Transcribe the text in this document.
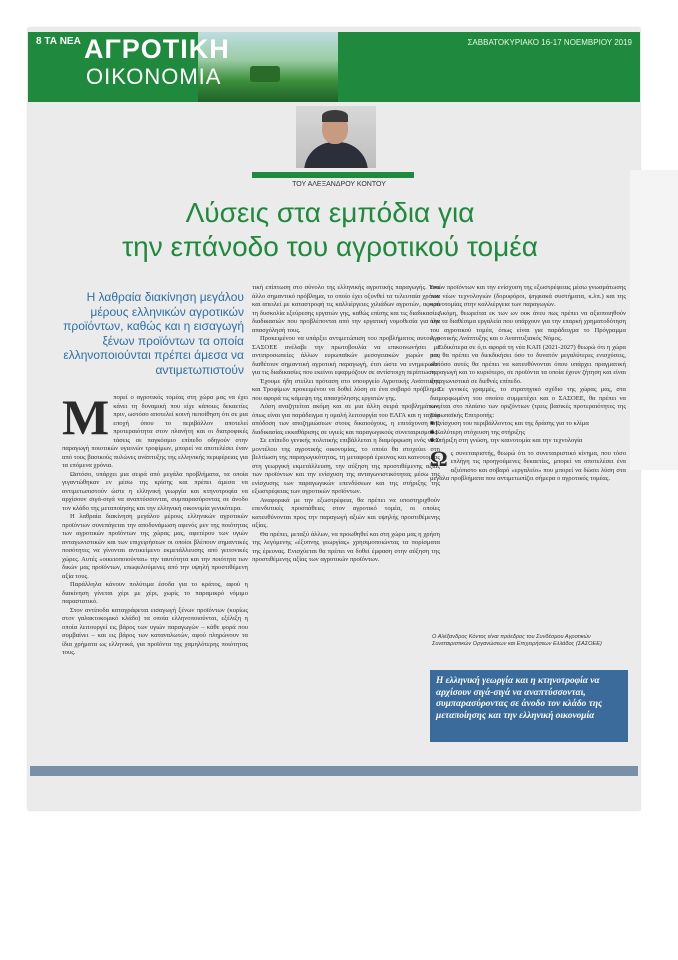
8 ΤΑ ΝΕΑ ΑΓΡΟΤΙΚΗ
ΟΙΚΟΝΟΜΙΑ
ΣΑΒΒΑΤΟΚΥΡΙΑΚΟ 16-17 ΝΟΕΜΒΡΙΟΥ 2019
ΤΟΥ ΑΛΕΞΑΝΔΡΟΥ ΚΟΝΤΟΥ
Λύσεις στα εμπόδια για
την επάνοδο του αγροτικού τομέα
Η λαθραία διακίνηση μεγάλου μέρους ελληνικών αγροτικών προϊόντων, καθώς και η εισαγωγή ξένων προϊόντων τα οποία ελληνοποιούνται πρέπει άμεσα να αντιμετωπιστούν
Μ πορεί ο αγροτικός τομέας στη χώρα μας να έχει κάνει τη δυναμική που είχε κάποιες δεκαετίες πριν, ωστόσο αποτελεί κοινή πεποίθηση ότι σε μια εποχή όπου το περιβάλλον αποτελεί προτεραιότητα στον πλανήτη και οι διατροφικές τάσεις σε παγκόσμιο επίπεδο οδηγούν στην παραγωγή ποιοτικών υγιεινών τροφίμων, μπορεί να αποτελέσει έναν από τους βασικούς πυλώνες ανάπτυξης της ελληνικής περιφέρειας για τα επόμενα χρόνια.

Ωστόσο, υπάρχει μια σειρά από μεγάλα προβλήματα, τα οποία γιγαντώθηκαν εν μέσω της κρίσης και πρέπει άμεσα να αντιμετωπιστούν ώστε η ελληνική γεωργία και κτηνοτροφία να αρχίσουν σιγά-σιγά να αναπτύσσονται, συμπαρασύροντας σε άνοδο τον κλάδο της μεταποίησης και την ελληνική οικονομία γενικότερα.

Η λαθραία διακίνηση μεγάλου μέρους ελληνικών αγροτικών προϊόντων συνεπάγεται την αποδυνάμωση αφενός μεν της ποιότητας των αγροτικών προϊόντων της χώρας μας, αφετέρου των υγιών ανταγωνιστικών και των επιχειρήσεων οι οποίοι βλέπουν σημαντικές ποσότητες να γίνονται αντικείμενο εκμετάλλευσης από γειτονικές χώρες. Αυτές «οικειοποιούνται» την ταυτότητα και την ποιότητα των δικών μας προϊόντων, επωφελούμενες από την υψηλή προστιθέμενη αξία τους.

Παράλληλα κάνουν πολύτιμα έσοδα για το κράτος, αφού η διακίνηση γίνεται χέρι με χέρι, χωρίς το παραμικρό νόμιμο παραστατικό.

Στον αντίποδα καταγράφεται εισαγωγή ξένων προϊόντων (κυρίως στον γαλακτοκομικό κλάδο) τα οποία ελληνοποιούνται, εξέλιξη η οποία λειτουργεί εις βάρος των υγιών παραγωγών – κάθε φορά που συμβαίνει – και εις βάρος των καταναλωτών, αφού πληρώνουν τα ίδια χρήματα ως ελληνικά, για προϊόντα της χαμηλότερης ποιότητας τους.

τική επίπτωση στο σύνολο της ελληνικής αγροτικής παραγωγής. Ένα άλλο σημαντικό πρόβλημα, το οποίο έχει οξυνθεί τα τελευταία χρόνια και απειλεί με καταστροφή τις καλλιέργειες χιλιάδων αγροτών, αφορά τη δυσκολία εξεύρεσης εργατών γης, καθώς επίσης και τις διαδικασίες διαδικασιών που προβλέπονται από την εργατική νομοθεσία για την απασχόλησή τους.

Προκειμένου να υπάρξει αντιμετώπιση του προβλήματος αυτού, ο ΣΑΣΟΕΕ ανέλαβε την πρωτοβουλία να επικοινωνήσει με αντιπροσωπείες άλλων ευρωπαϊκών μεσογειακών χωρών που διαθέτουν σημαντική αγροτική παραγωγή, έτσι ώστε να ενημερωθεί για τις διαδικασίες που εκείνοι εφαρμόζουν σε αντίστοιχη περίπτωση.

Έχουμε ήδη στείλει πρόταση στο υπουργείο Αγροτικής Ανάπτυξης και Τροφίμων προκειμένου να δοθεί λύση σε ένα σοβαρό πρόβλημα που αφορά τις κάμεψη της απασχόλησης εργατών γης.

Λύση αναζητείται ακόμη και σε μια άλλη σειρά προβλημάτων, όπως είναι για παράδειγμα η ομαλή λειτουργία του ΕΛΓΑ και η ταχεία απόδοση των αποζημιώσεων στους δικαιούχους, η επιτάχυνση της διαδικασίας εκκαθάρισης σε υγιείς και παραγωγικούς συνεταιρισμούς.

Σε επίπεδο γενικής πολιτικής επιβάλλεται η διαμόρφωση ενός νέου μοντέλου της αγροτικής οικονομίας, το οποίο θα στοχεύει στη βελτίωση της παραγωγικότητας, τη μεταφορά έρευνας και καινοτομίας στη γεωργική εκμετάλλευση, την αύξηση της προστιθέμενης αξίας των προϊόντων και την ενίσχυση της ανταγωνιστικότητας μέσω της ενίσχυσης των παραγωγικών επενδύσεων και της στήριξης της εξωστρέφειας των αγροτικών προϊόντων.

Αναφορικά με την εξωστρέφεια, θα πρέπει να υποστηριχθούν επενδυτικές προσπάθειες στον αγροτικό τομέα, οι οποίες κατευθύνονται προς την παραγωγή αξιών και υψηλής προστιθέμενης αξίας.

Θα πρέπει, μεταξύ άλλων, να προωθηθεί και στη χώρα μας η χρήση της λεγόμενης «έξυπνης γεωργίας» χρησιμοποιώντας τα πορίσματα της έρευνας. Ενισχύεται θα πρέπει να δοθεί έμφαση στην αύξηση της προστιθέμενης αξίας των αγροτικών προϊόντων.

τικών προϊόντων και την ενίσχυση της εξωστρέφειας μέσω γνωσμάτωσης των νέων τεχνολογιών (δορυφόροι, ψηφιακά συστήματα, κ.λπ.) και της καινοτομίας στην καλλιέργεια των παραγωγών.

Ακόμη, θεωρείται εκ των ων ουκ άνευ πως πρέπει να αξιοποιηθούν όλα τα διαθέσιμα εργαλεία που υπάρχουν για την επαρκή χρηματοδότηση του αγροτικού τομέα, όπως είναι για παράδειγμα το Πρόγραμμα Αγροτικής Ανάπτυξης και ο Αναπτυξιακός Νόμος.

Ειδικότερα σε ό,τι αφορά τη νέα ΚΑΠ (2021-2027) θεωρώ ότι η χώρα μας θα πρέπει να διεκδικήσει όσο το δυνατόν μεγαλύτερες ενισχύσεις, ωστόσο αυτές θα πρέπει να κατευθύνονται όπου υπάρχει πραγματική παραγωγή και το κυριότερο, σε προϊόντα τα οποία έχουν ζήτηση και είναι ανταγωνιστικά σε διεθνές επίπεδο.

Σε γενικές γραμμές, το στρατηγικό σχέδιο της χώρας μας, στα διαμορφωμένη του οποίου συμμετέχει και ο ΣΑΣΟΕΕ, θα πρέπει να κινείται στο πλαίσιο των οριζόντιων (τρεις βασικές προτεραιότητες της Ευρωπαϊκής Επιτροπής:

■ Ενίσχυση του περιβάλλοντος και της δράσης για το κλίμα

■ Καλύτερη στόχευση της στήριξης

■ Στήριξη στη γνώση, την καινοτομία και την τεχνολογία

Ω ς συνεταιριστής, θεωρώ ότι το συνεταιριστικό κίνημα, που τόσο επλήγη τις προηγούμενες δεκαετίες, μπορεί να αποτελέσει ένα αξιόπιστο και σοβαρό «εργαλείο» που μπορεί να δώσει λύση στα μεγάλα προβλήματα που αντιμετωπίζει σήμερα ο αγροτικός τομέας.

Ο Αλέξανδρος Κόντος είναι πρόεδρος του Συνδέσμου Αγροτικών Συνεταιριστικών Οργανώσεων και Επιχειρήσεων Ελλάδος (ΣΑΣΟΕΕ)
Η ελληνική γεωργία και η κτηνοτροφία να αρχίσουν σιγά-σιγά να αναπτύσσονται, συμπαρασύροντας σε άνοδο τον κλάδο της μεταποίησης και την ελληνική οικονομία
